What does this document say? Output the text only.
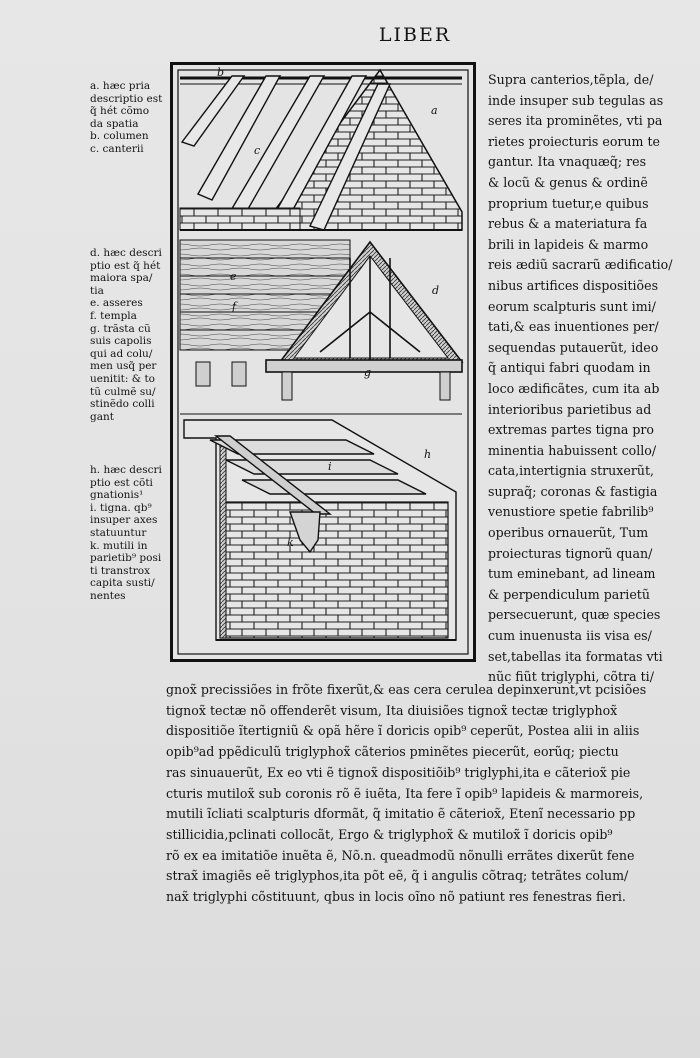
LIBER
a. hæc pria
descriptio est
q̃ hét cõmo
da spatia
b. columen
c. canterii
d. hæc descri
ptio est q̃ hét
maiora spa/
tia
e. asseres
f. templa
g. trãsta cũ
suis capolis
qui ad colu/
men usq̃ per
uenitit: & to
tũ culmẽ su/
stinẽdo colli
gant
h. hæc descri
ptio est cõti
gnationis¹
i. tigna. qb⁹
insuper axes
statuuntur
k. mutili in
parietib⁹ posi
ti transtrox
capita susti/
nentes
b
a
c
e
d
f
g
h
i
k
Supra canterios,tẽpla, de/
inde insuper sub tegulas as
seres ita prominẽtes, vti pa
rietes proiecturis eorum te
gantur. Ita vnaquæq̃; res
& locũ & genus & ordinẽ
proprium tuetur,e quibus
rebus & a materiatura fa
brili in lapideis & marmo
reis ædiũ sacrarũ ædificatio/
nibus artifices dispositiões
eorum scalpturis sunt imi/
tati,& eas inuentiones per/
sequendas putauerũt, ideo
q̃ antiqui fabri quodam in
loco ædificãtes, cum ita ab
interioribus parietibus ad
extremas partes tigna pro
minentia habuissent collo/
cata,intertignia struxerũt,
supraq̃; coronas & fastigia
venustiore spetie fabrilib⁹
operibus ornauerũt, Tum
proiecturas tignorũ quan/
tum eminebant, ad lineam
& perpendiculum parietũ
persecuerunt, quæ species
cum inuenusta iis visa es/
set,tabellas ita formatas vti
nũc fiũt triglyphi, cõtra ti/
gnox̃ precissiões in frõte fixerũt,& eas cera cerulea depinxerunt,vt pcisiões
tignox̃ tectæ nõ offenderẽt visum, Ita diuisiões tignox̃ tectæ triglyphox̃
dispositiõe ĩtertigniũ & opã hẽre ĩ doricis opib⁹ ceperũt, Postea alii in aliis
opib⁹ad ppẽdiculũ triglyphox̃ cãterios pminẽtes piecerũt, eorũq; piectu
ras sinuauerũt, Ex eo vti ẽ tignox̃ dispositiõib⁹ triglyphi,ita e cãteriox̃ pie
cturis mutilox̃ sub coronis rõ ẽ iuẽta, Ita fere ĩ opib⁹ lapideis & marmoreis,
mutili ĩcliati scalpturis dformãt, q̃ imitatio ẽ cãteriox̃, Etenĩ necessario pp
stillicidia,pclinati collocãt, Ergo & triglyphox̃ & mutilox̃ ĩ doricis opib⁹
rõ ex ea imitatiõe inuẽta ẽ, Nõ.n. queadmodũ nõnulli errãtes dixerũt fene
strax̃ imagiẽs eẽ triglyphos,ita põt eẽ, q̃ i angulis cõtraq; tetrãtes colum/
nax̃ triglyphi cõstituunt, qbus in locis oĩno nõ patiunt res fenestras fieri.
